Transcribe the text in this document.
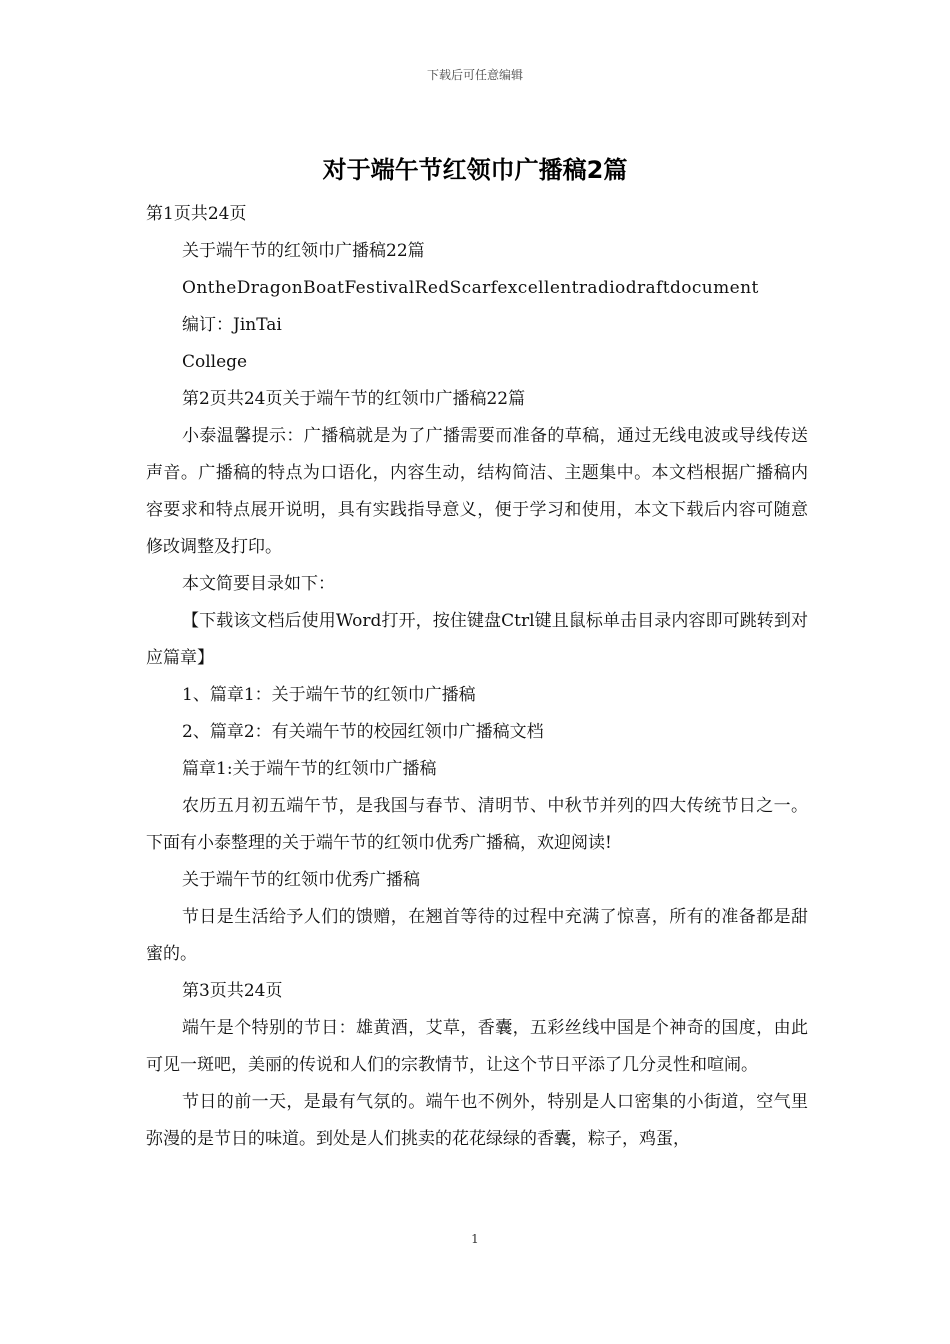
下载后可任意编辑
对于端午节红领巾广播稿2篇

第1页共24页

关于端午节的红领巾广播稿22篇

OntheDragonBoatFestivalRedScarfexcellentradiodraftdocument

编订：JinTai

College

第2页共24页关于端午节的红领巾广播稿22篇

小泰温馨提示：广播稿就是为了广播需要而准备的草稿，通过无线电波或导线传送声音。广播稿的特点为口语化，内容生动，结构简洁、主题集中。本文档根据广播稿内容要求和特点展开说明，具有实践指导意义，便于学习和使用，本文下载后内容可随意修改调整及打印。

本文简要目录如下：

【下载该文档后使用Word打开，按住键盘Ctrl键且鼠标单击目录内容即可跳转到对应篇章】

1、篇章1：关于端午节的红领巾广播稿

2、篇章2：有关端午节的校园红领巾广播稿文档

篇章1:关于端午节的红领巾广播稿

农历五月初五端午节，是我国与春节、清明节、中秋节并列的四大传统节日之一。下面有小泰整理的关于端午节的红领巾优秀广播稿，欢迎阅读!

关于端午节的红领巾优秀广播稿

节日是生活给予人们的馈赠，在翘首等待的过程中充满了惊喜，所有的准备都是甜蜜的。

第3页共24页

端午是个特别的节日：雄黄酒，艾草，香囊，五彩丝线中国是个神奇的国度，由此可见一斑吧，美丽的传说和人们的宗教情节，让这个节日平添了几分灵性和喧闹。

节日的前一天，是最有气氛的。端午也不例外，特别是人口密集的小街道，空气里弥漫的是节日的味道。到处是人们挑卖的花花绿绿的香囊，粽子，鸡蛋，

1
